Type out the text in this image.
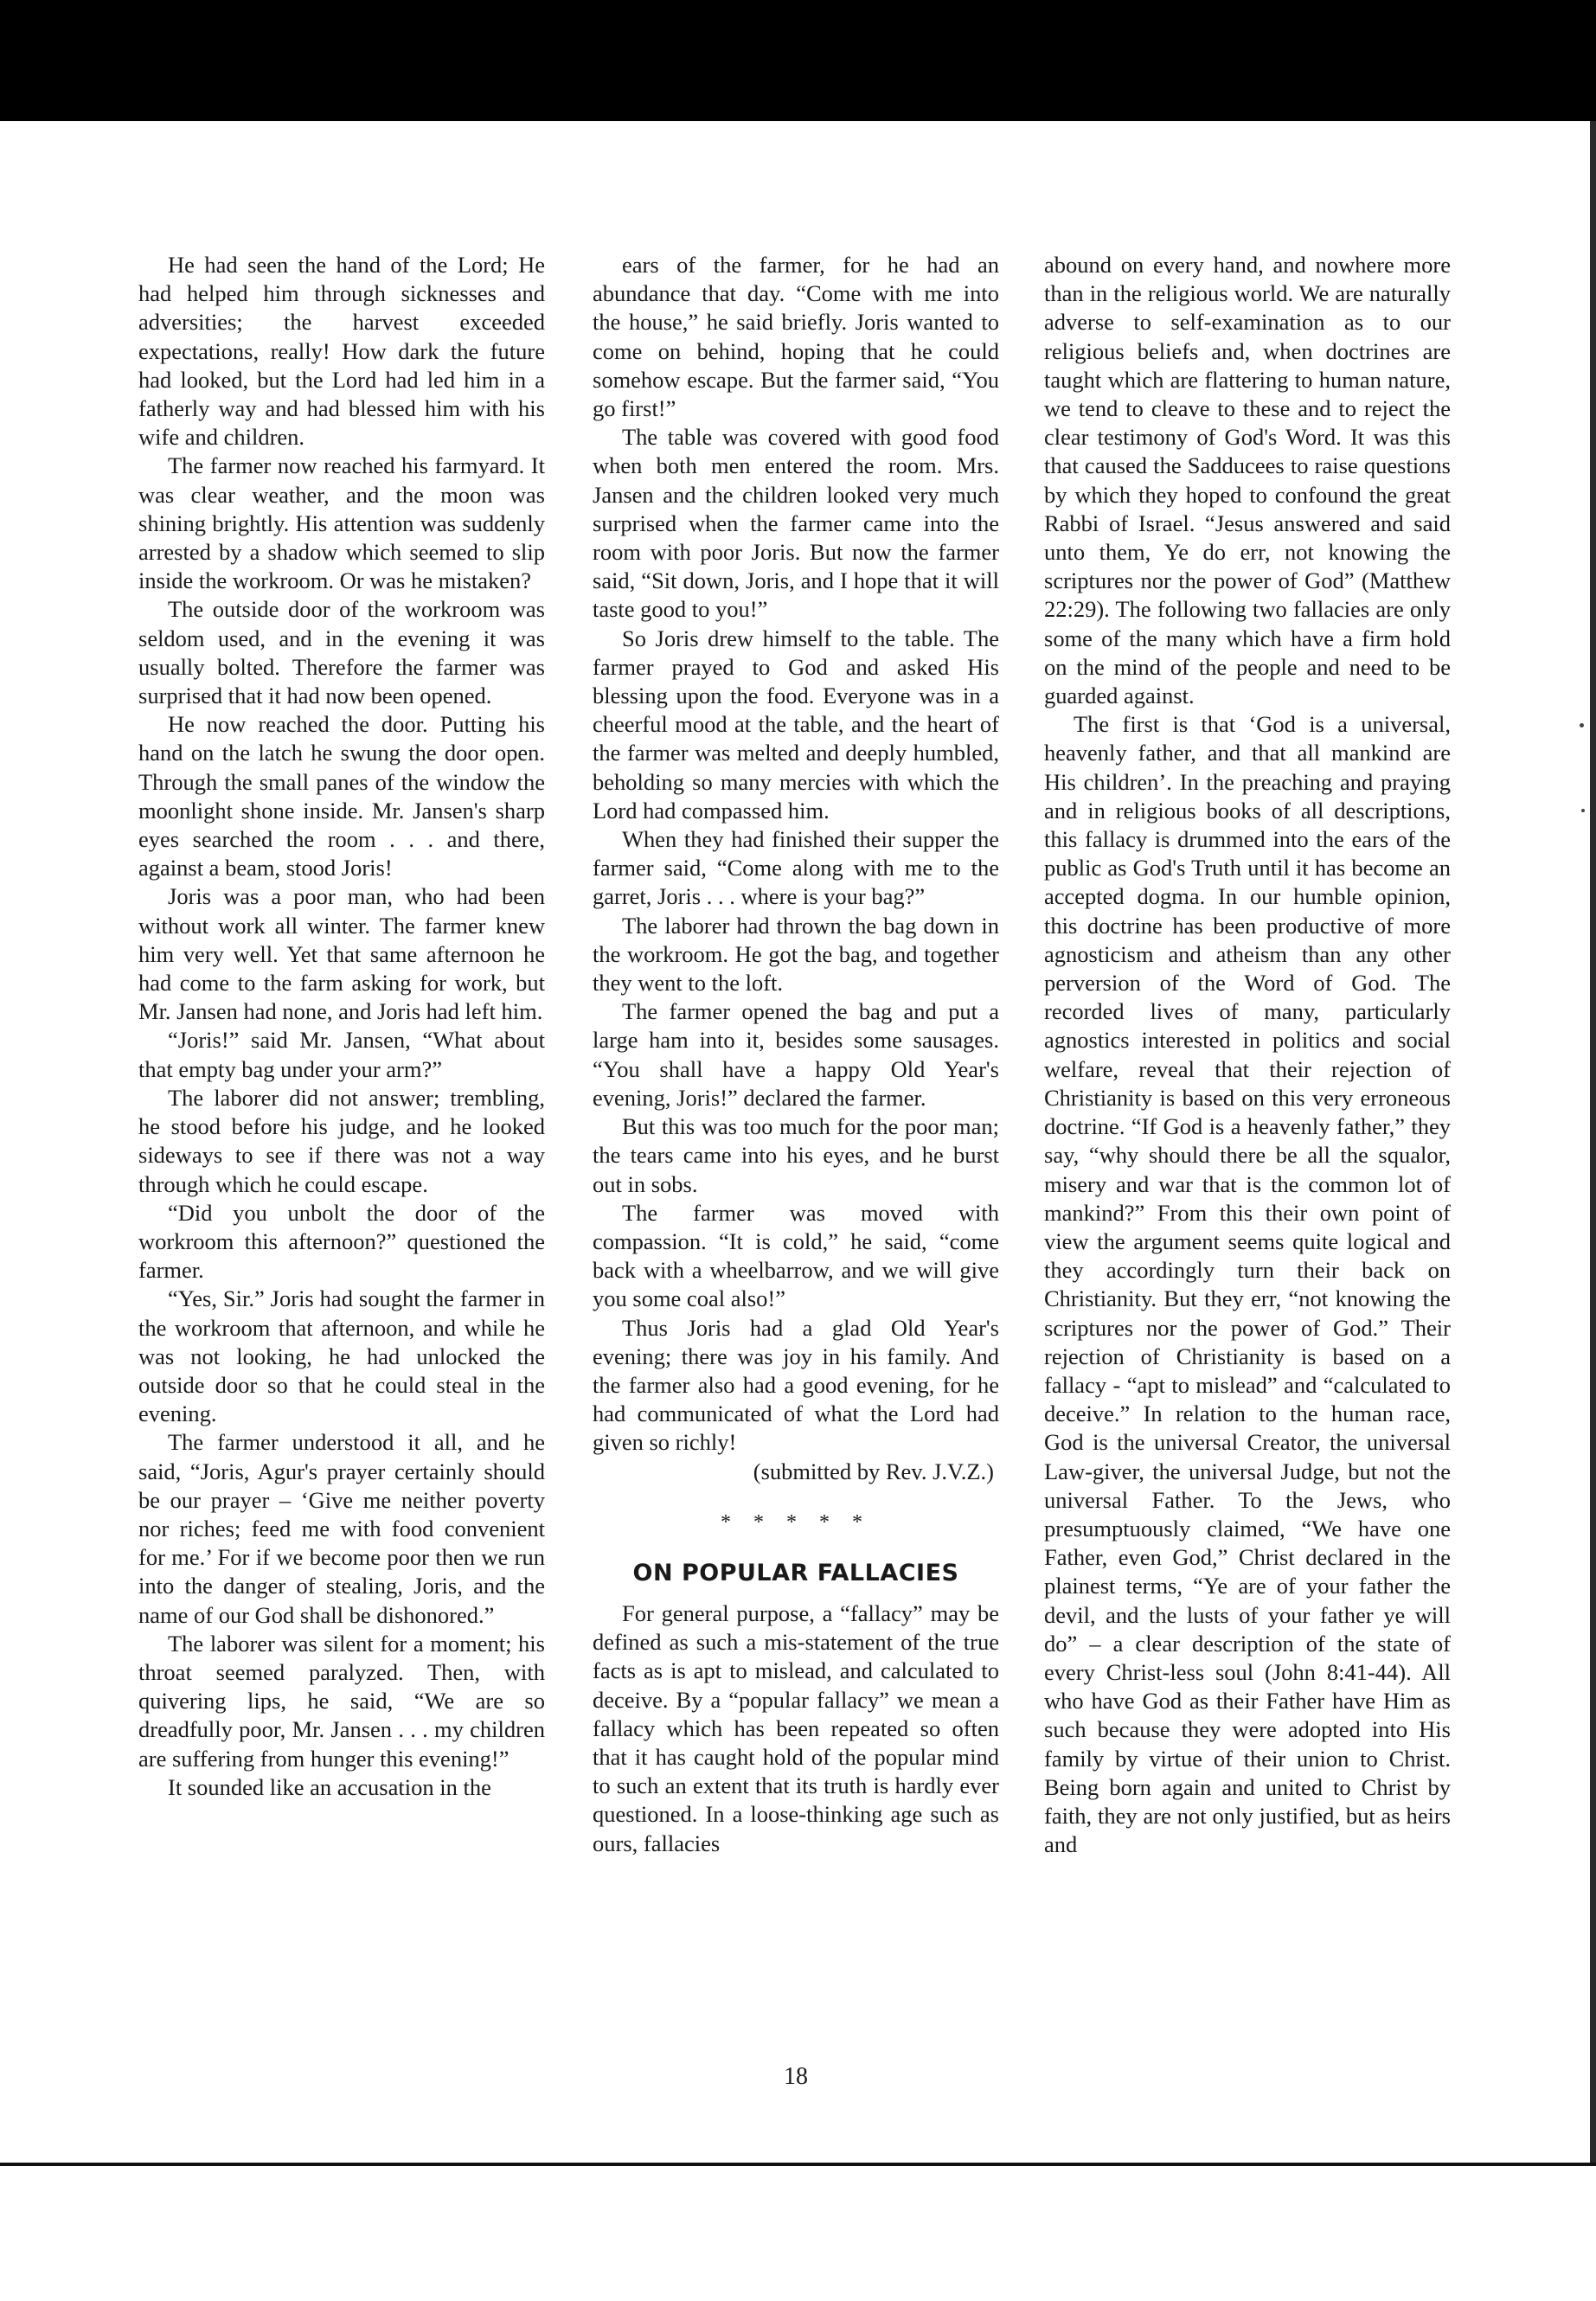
He had seen the hand of the Lord; He had helped him through sicknesses and adversities; the harvest exceeded expectations, really! How dark the future had looked, but the Lord had led him in a fatherly way and had blessed him with his wife and children.

The farmer now reached his farmyard. It was clear weather, and the moon was shining brightly. His attention was suddenly arrested by a shadow which seemed to slip inside the workroom. Or was he mistaken?

The outside door of the workroom was seldom used, and in the evening it was usually bolted. Therefore the farmer was surprised that it had now been opened.

He now reached the door. Putting his hand on the latch he swung the door open. Through the small panes of the window the moonlight shone inside. Mr. Jansen's sharp eyes searched the room . . . and there, against a beam, stood Joris!

Joris was a poor man, who had been without work all winter. The farmer knew him very well. Yet that same afternoon he had come to the farm asking for work, but Mr. Jansen had none, and Joris had left him.

“Joris!” said Mr. Jansen, “What about that empty bag under your arm?”

The laborer did not answer; trembling, he stood before his judge, and he looked sideways to see if there was not a way through which he could escape.

“Did you unbolt the door of the workroom this afternoon?” questioned the farmer.

“Yes, Sir.” Joris had sought the farmer in the workroom that afternoon, and while he was not looking, he had unlocked the outside door so that he could steal in the evening.

The farmer understood it all, and he said, “Joris, Agur's prayer certainly should be our prayer – ‘Give me neither poverty nor riches; feed me with food convenient for me.’ For if we become poor then we run into the danger of stealing, Joris, and the name of our God shall be dishonored.”

The laborer was silent for a moment; his throat seemed paralyzed. Then, with quivering lips, he said, “We are so dreadfully poor, Mr. Jansen . . . my children are suffering from hunger this evening!”

It sounded like an accusation in the

ears of the farmer, for he had an abundance that day. “Come with me into the house,” he said briefly. Joris wanted to come on behind, hoping that he could somehow escape. But the farmer said, “You go first!”

The table was covered with good food when both men entered the room. Mrs. Jansen and the children looked very much surprised when the farmer came into the room with poor Joris. But now the farmer said, “Sit down, Joris, and I hope that it will taste good to you!”

So Joris drew himself to the table. The farmer prayed to God and asked His blessing upon the food. Everyone was in a cheerful mood at the table, and the heart of the farmer was melted and deeply humbled, beholding so many mercies with which the Lord had compassed him.

When they had finished their supper the farmer said, “Come along with me to the garret, Joris . . . where is your bag?”

The laborer had thrown the bag down in the workroom. He got the bag, and together they went to the loft.

The farmer opened the bag and put a large ham into it, besides some sausages. “You shall have a happy Old Year's evening, Joris!” declared the farmer.

But this was too much for the poor man; the tears came into his eyes, and he burst out in sobs.

The farmer was moved with compassion. “It is cold,” he said, “come back with a wheelbarrow, and we will give you some coal also!”

Thus Joris had a glad Old Year's evening; there was joy in his family. And the farmer also had a good evening, for he had communicated of what the Lord had given so richly!

(submitted by Rev. J.V.Z.)

* * * * *
ON POPULAR FALLACIES

For general purpose, a “fallacy” may be defined as such a mis-statement of the true facts as is apt to mislead, and calculated to deceive. By a “popular fallacy” we mean a fallacy which has been repeated so often that it has caught hold of the popular mind to such an extent that its truth is hardly ever questioned. In a loose-thinking age such as ours, fallacies

abound on every hand, and nowhere more than in the religious world. We are naturally adverse to self-examination as to our religious beliefs and, when doctrines are taught which are flattering to human nature, we tend to cleave to these and to reject the clear testimony of God's Word. It was this that caused the Sadducees to raise questions by which they hoped to confound the great Rabbi of Israel. “Jesus answered and said unto them, Ye do err, not knowing the scriptures nor the power of God” (Matthew 22:29). The following two fallacies are only some of the many which have a firm hold on the mind of the people and need to be guarded against.

The first is that ‘God is a universal, heavenly father, and that all mankind are His children’. In the preaching and praying and in religious books of all descriptions, this fallacy is drummed into the ears of the public as God's Truth until it has become an accepted dogma. In our humble opinion, this doctrine has been productive of more agnosticism and atheism than any other perversion of the Word of God. The recorded lives of many, particularly agnostics interested in politics and social welfare, reveal that their rejection of Christianity is based on this very erroneous doctrine. “If God is a heavenly father,” they say, “why should there be all the squalor, misery and war that is the common lot of mankind?” From this their own point of view the argument seems quite logical and they accordingly turn their back on Christianity. But they err, “not knowing the scriptures nor the power of God.” Their rejection of Christianity is based on a fallacy - “apt to mislead” and “calculated to deceive.” In relation to the human race, God is the universal Creator, the universal Law-giver, the universal Judge, but not the universal Father. To the Jews, who presumptuously claimed, “We have one Father, even God,” Christ declared in the plainest terms, “Ye are of your father the devil, and the lusts of your father ye will do” – a clear description of the state of every Christ-less soul (John 8:41-44). All who have God as their Father have Him as such because they were adopted into His family by virtue of their union to Christ. Being born again and united to Christ by faith, they are not only justified, but as heirs and

18
